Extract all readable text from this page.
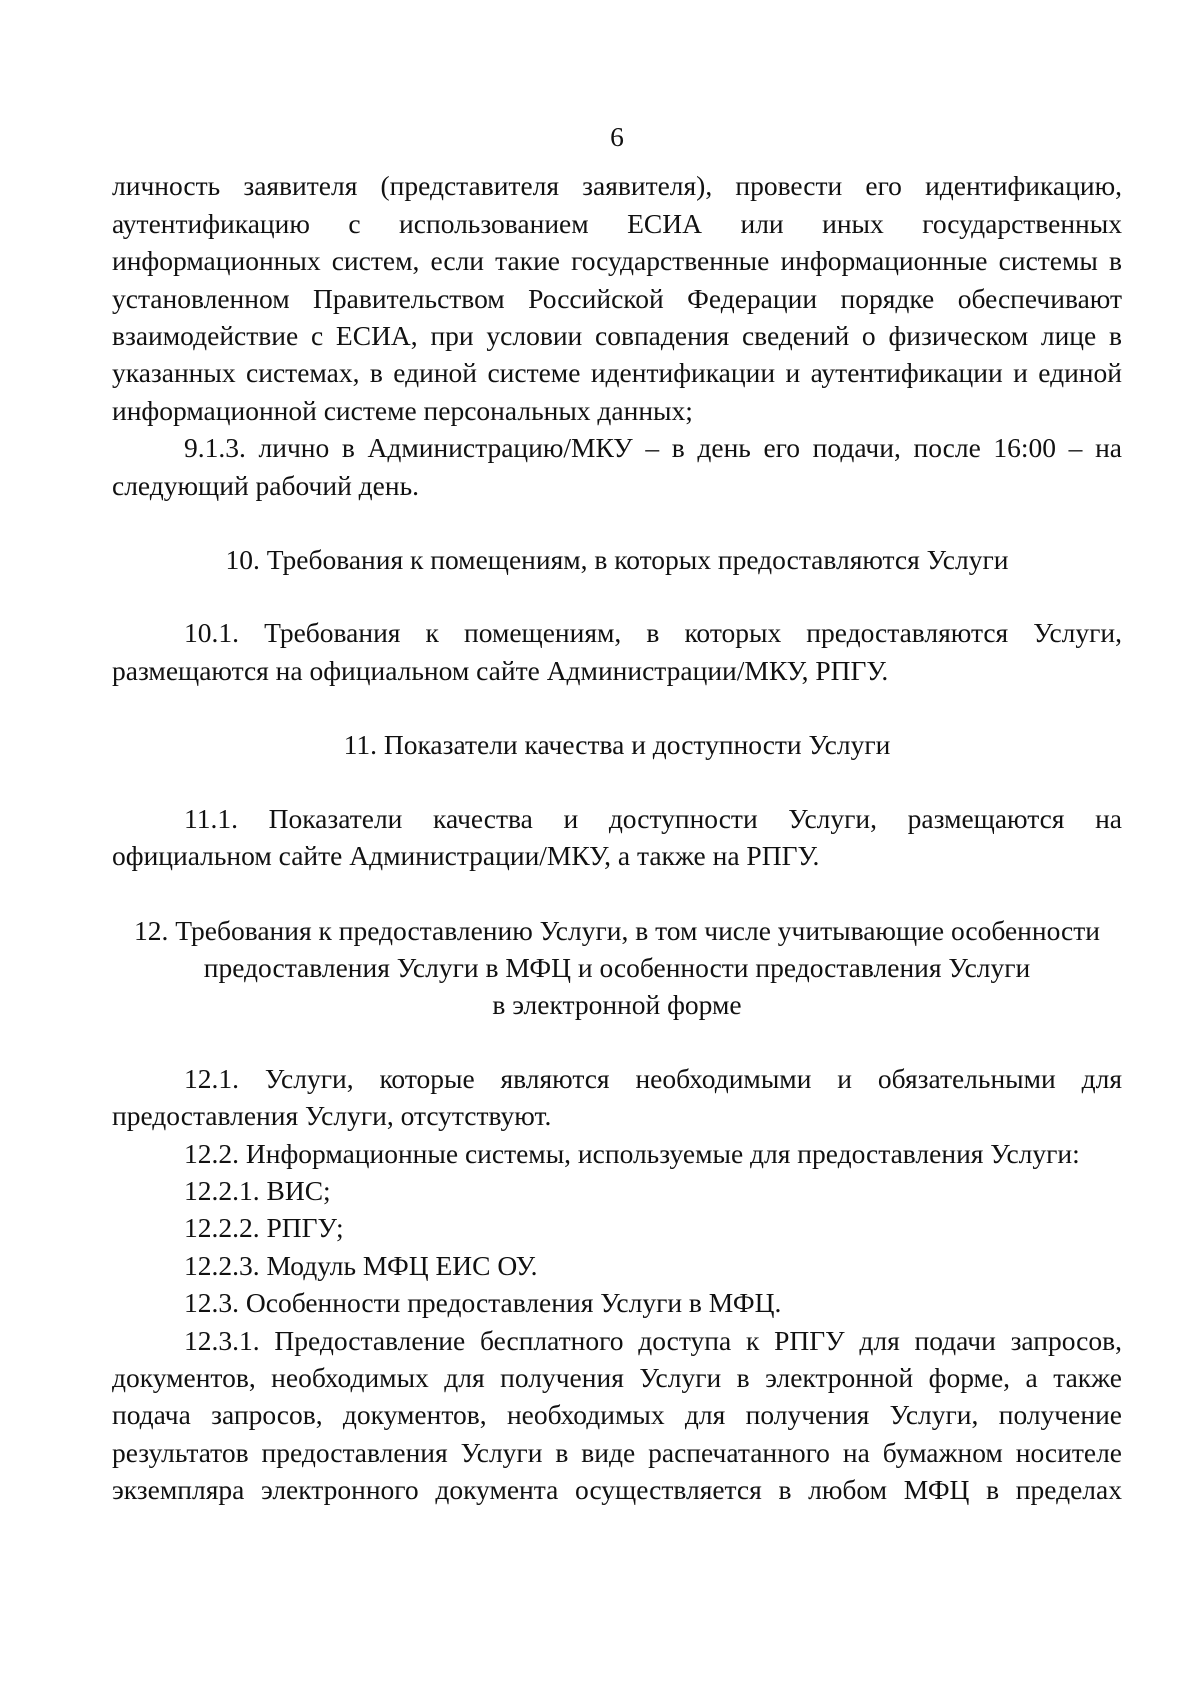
6

личность заявителя (представителя заявителя), провести его идентификацию, аутентификацию с использованием ЕСИА или иных государственных информационных систем, если такие государственные информационные системы в установленном Правительством Российской Федерации порядке обеспечивают взаимодействие с ЕСИА, при условии совпадения сведений о физическом лице в указанных системах, в единой системе идентификации и аутентификации и единой информационной системе персональных данных;

9.1.3. лично в Администрацию/МКУ – в день его подачи, после 16:00 – на следующий рабочий день.

10. Требования к помещениям, в которых предоставляются Услуги

10.1. Требования к помещениям, в которых предоставляются Услуги, размещаются на официальном сайте Администрации/МКУ, РПГУ.

11. Показатели качества и доступности Услуги

11.1. Показатели качества и доступности Услуги, размещаются на официальном сайте Администрации/МКУ, а также на РПГУ.

12. Требования к предоставлению Услуги, в том числе учитывающие особенности
предоставления Услуги в МФЦ и особенности предоставления Услуги
в электронной форме

12.1. Услуги, которые являются необходимыми и обязательными для предоставления Услуги, отсутствуют.

12.2. Информационные системы, используемые для предоставления Услуги:

12.2.1. ВИС;

12.2.2. РПГУ;

12.2.3. Модуль МФЦ ЕИС ОУ.

12.3. Особенности предоставления Услуги в МФЦ.

12.3.1. Предоставление бесплатного доступа к РПГУ для подачи запросов, документов, необходимых для получения Услуги в электронной форме, а также подача запросов, документов, необходимых для получения Услуги, получение результатов предоставления Услуги в виде распечатанного на бумажном носителе экземпляра электронного документа осуществляется в любом МФЦ в пределах
